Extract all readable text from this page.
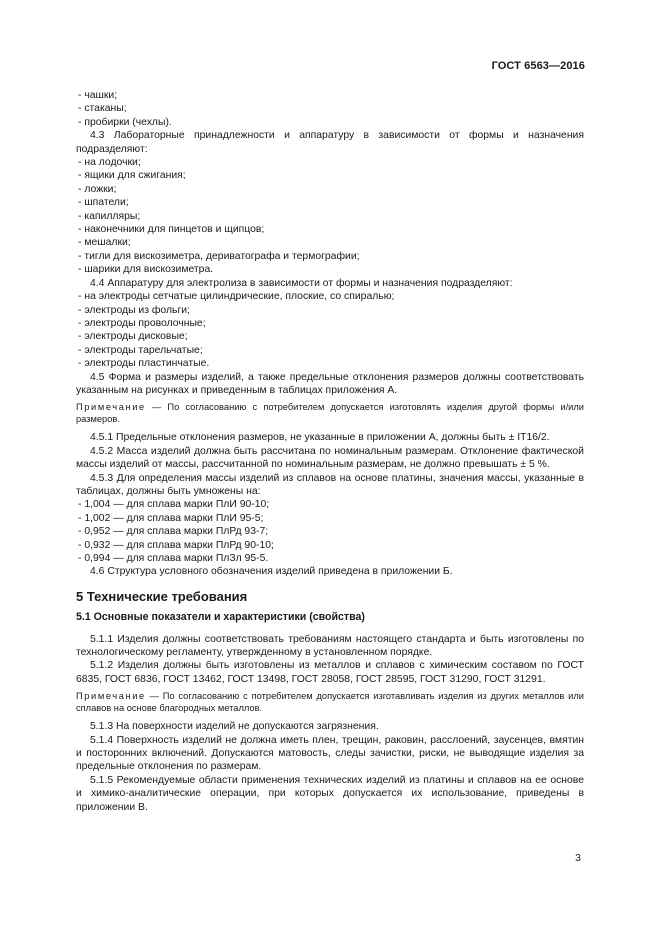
ГОСТ 6563—2016

- чашки;

- стаканы;

- пробирки (чехлы).

4.3 Лабораторные принадлежности и аппаратуру в зависимости от формы и назначения подразделяют:

- на лодочки;

- ящики для сжигания;

- ложки;

- шпатели;

- капилляры;

- наконечники для пинцетов и щипцов;

- мешалки;

- тигли для вискозиметра, дериватографа и термографии;

- шарики для вискозиметра.

4.4 Аппаратуру для электролиза в зависимости от формы и назначения подразделяют:

- на электроды сетчатые цилиндрические, плоские, со спиралью;

- электроды из фольги;

- электроды проволочные;

- электроды дисковые;

- электроды тарельчатые;

- электроды пластинчатые.

4.5 Форма и размеры изделий, а также предельные отклонения размеров должны соответствовать указанным на рисунках и приведенным в таблицах приложения А.

Примечание — По согласованию с потребителем допускается изготовлять изделия другой формы и/или размеров.

4.5.1 Предельные отклонения размеров, не указанные в приложении А, должны быть ± IT16/2.

4.5.2 Масса изделий должна быть рассчитана по номинальным размерам. Отклонение фактической массы изделий от массы, рассчитанной по номинальным размерам, не должно превышать ± 5 %.

4.5.3 Для определения массы изделий из сплавов на основе платины, значения массы, указанные в таблицах, должны быть умножены на:

- 1,004 — для сплава марки ПлИ 90-10;

- 1,002 — для сплава марки ПлИ 95-5;

- 0,952 — для сплава марки ПлРд 93-7;

- 0,932 — для сплава марки ПлРд 90-10;

- 0,994 — для сплава марки ПлЗл 95-5.

4.6 Структура условного обозначения изделий приведена в приложении Б.

5 Технические требования

5.1 Основные показатели и характеристики (свойства)

5.1.1 Изделия должны соответствовать требованиям настоящего стандарта и быть изготовлены по технологическому регламенту, утвержденному в установленном порядке.

5.1.2 Изделия должны быть изготовлены из металлов и сплавов с химическим составом по ГОСТ 6835, ГОСТ 6836, ГОСТ 13462, ГОСТ 13498, ГОСТ 28058, ГОСТ 28595, ГОСТ 31290, ГОСТ 31291.

Примечание — По согласованию с потребителем допускается изготавливать изделия из других металлов или сплавов на основе благородных металлов.

5.1.3 На поверхности изделий не допускаются загрязнения.

5.1.4 Поверхность изделий не должна иметь плен, трещин, раковин, расслоений, заусенцев, вмятин и посторонних включений. Допускаются матовость, следы зачистки, риски, не выводящие изделия за предельные отклонения по размерам.

5.1.5 Рекомендуемые области применения технических изделий из платины и сплавов на ее основе и химико-аналитические операции, при которых допускается их использование, приведены в приложении В.

3
